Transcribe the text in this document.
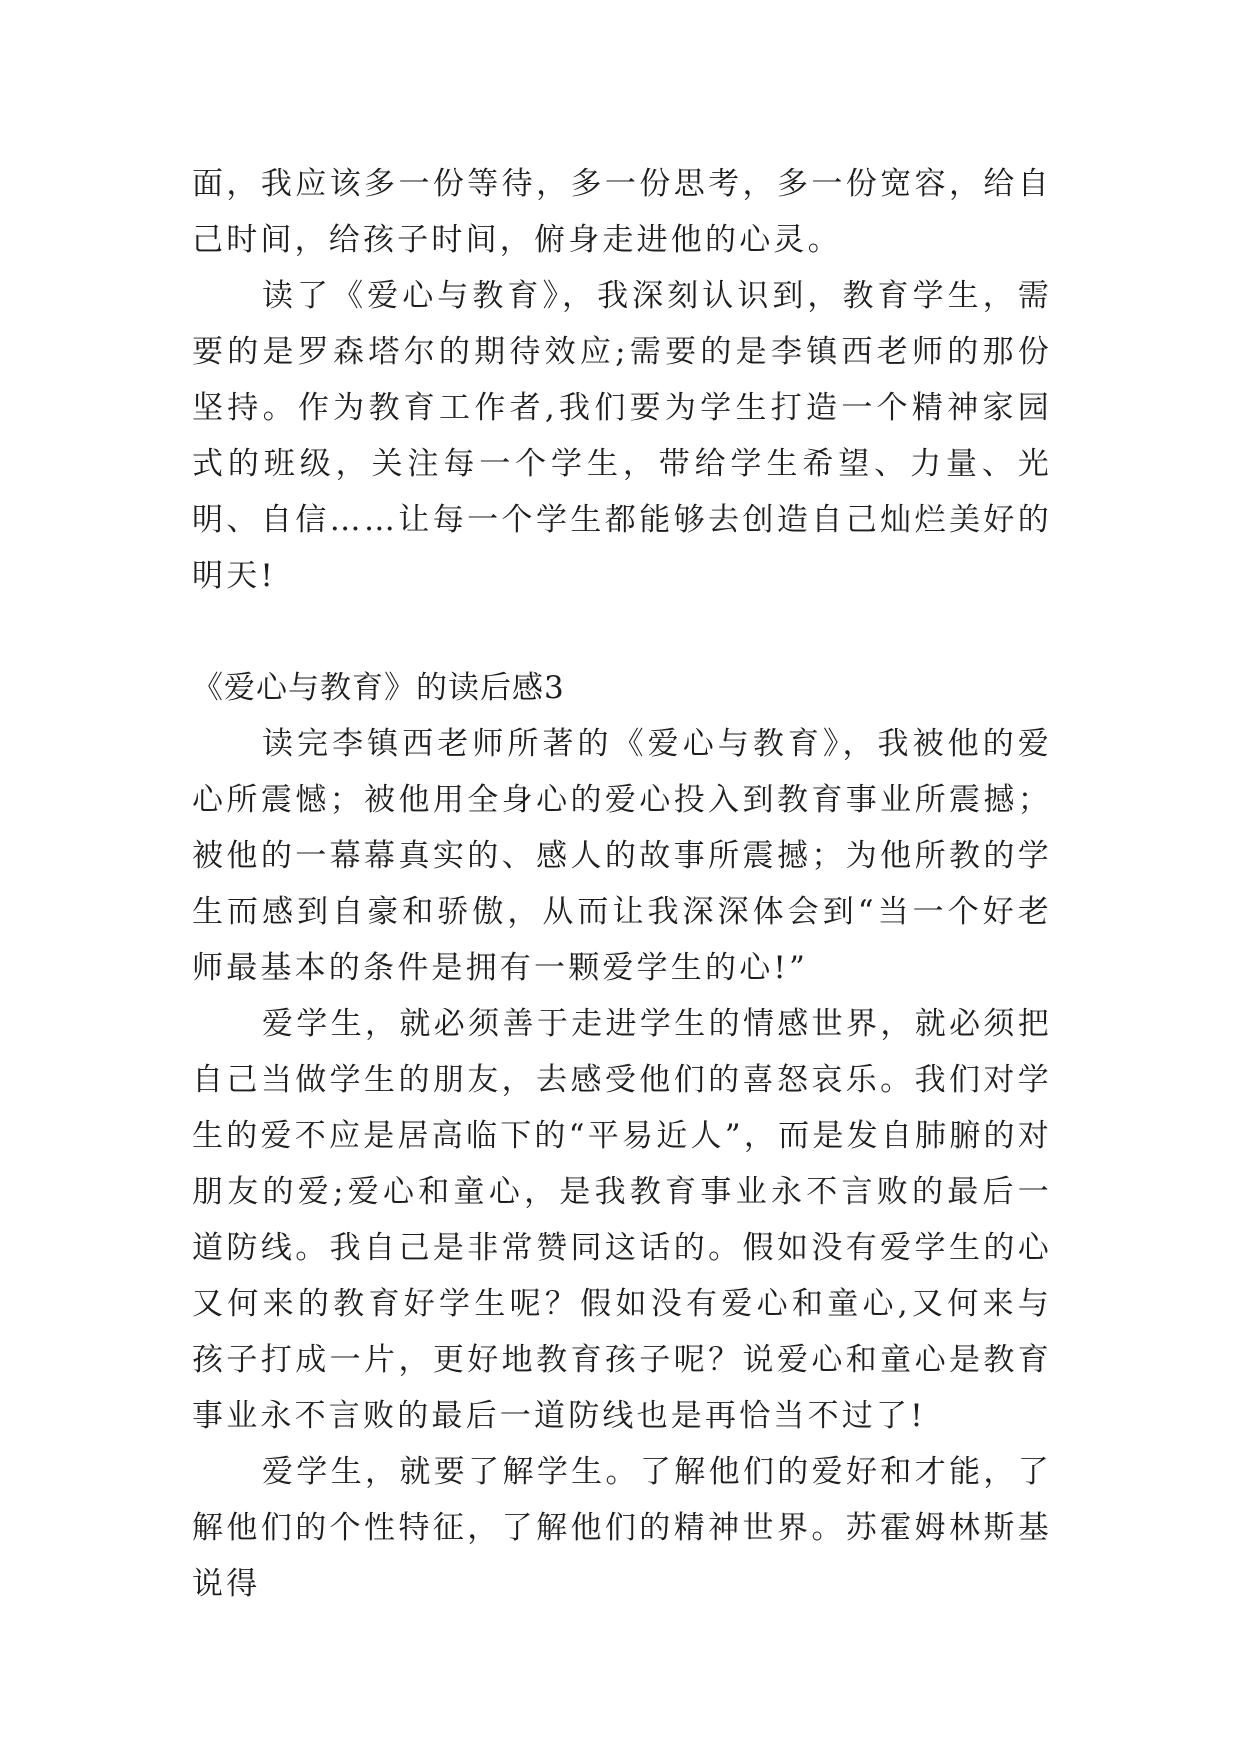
面，我应该多一份等待，多一份思考，多一份宽容，给自己时间，给孩子时间，俯身走进他的心灵。

读了《爱心与教育》，我深刻认识到，教育学生，需要的是罗森塔尔的期待效应;需要的是李镇西老师的那份坚持。作为教育工作者,我们要为学生打造一个精神家园式的班级，关注每一个学生，带给学生希望、力量、光明、自信……让每一个学生都能够去创造自己灿烂美好的明天!

《爱心与教育》的读后感3

读完李镇西老师所著的《爱心与教育》，我被他的爱心所震憾；被他用全身心的爱心投入到教育事业所震撼；被他的一幕幕真实的、感人的故事所震撼；为他所教的学生而感到自豪和骄傲，从而让我深深体会到“当一个好老师最基本的条件是拥有一颗爱学生的心!”

爱学生，就必须善于走进学生的情感世界，就必须把自己当做学生的朋友，去感受他们的喜怒哀乐。我们对学生的爱不应是居高临下的“平易近人”，而是发自肺腑的对朋友的爱;爱心和童心，是我教育事业永不言败的最后一道防线。我自己是非常赞同这话的。假如没有爱学生的心又何来的教育好学生呢？假如没有爱心和童心,又何来与孩子打成一片，更好地教育孩子呢？说爱心和童心是教育事业永不言败的最后一道防线也是再恰当不过了!

爱学生，就要了解学生。了解他们的爱好和才能，了解他们的个性特征，了解他们的精神世界。苏霍姆林斯基说得
